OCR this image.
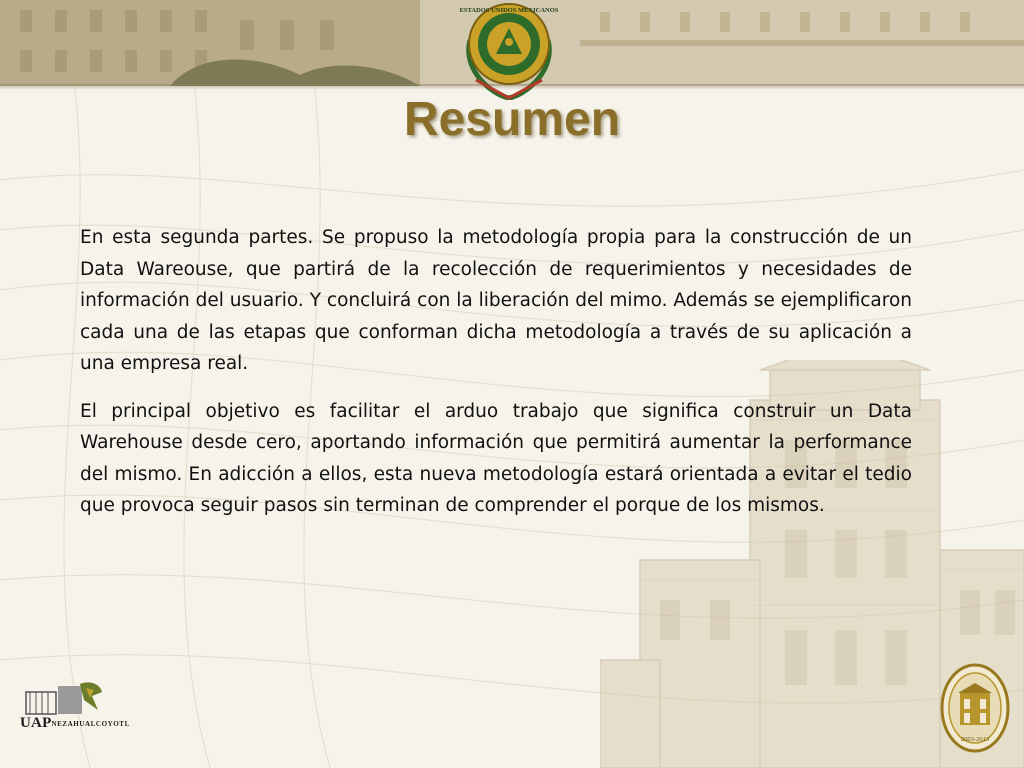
ESTADOS UNIDOS MEXICANOS
Resumen

En esta segunda partes. Se propuso la metodología propia para la construcción de un Data Wareouse, que partirá de la recolección de requerimientos y necesidades de información del usuario. Y concluirá con la liberación del mimo. Además se ejemplificaron cada una de las etapas que conforman dicha metodología a través de su aplicación a una empresa real.

El principal objetivo es facilitar el arduo trabajo que significa construir un Data Warehouse desde cero, aportando información que permitirá aumentar la performance del mismo. En adicción a ellos, esta nueva metodología estará orientada a evitar el tedio que provoca seguir pasos sin terminan de comprender el porque de los mismos.

UAPNEZAHUALCOYOTL
2003-2013
